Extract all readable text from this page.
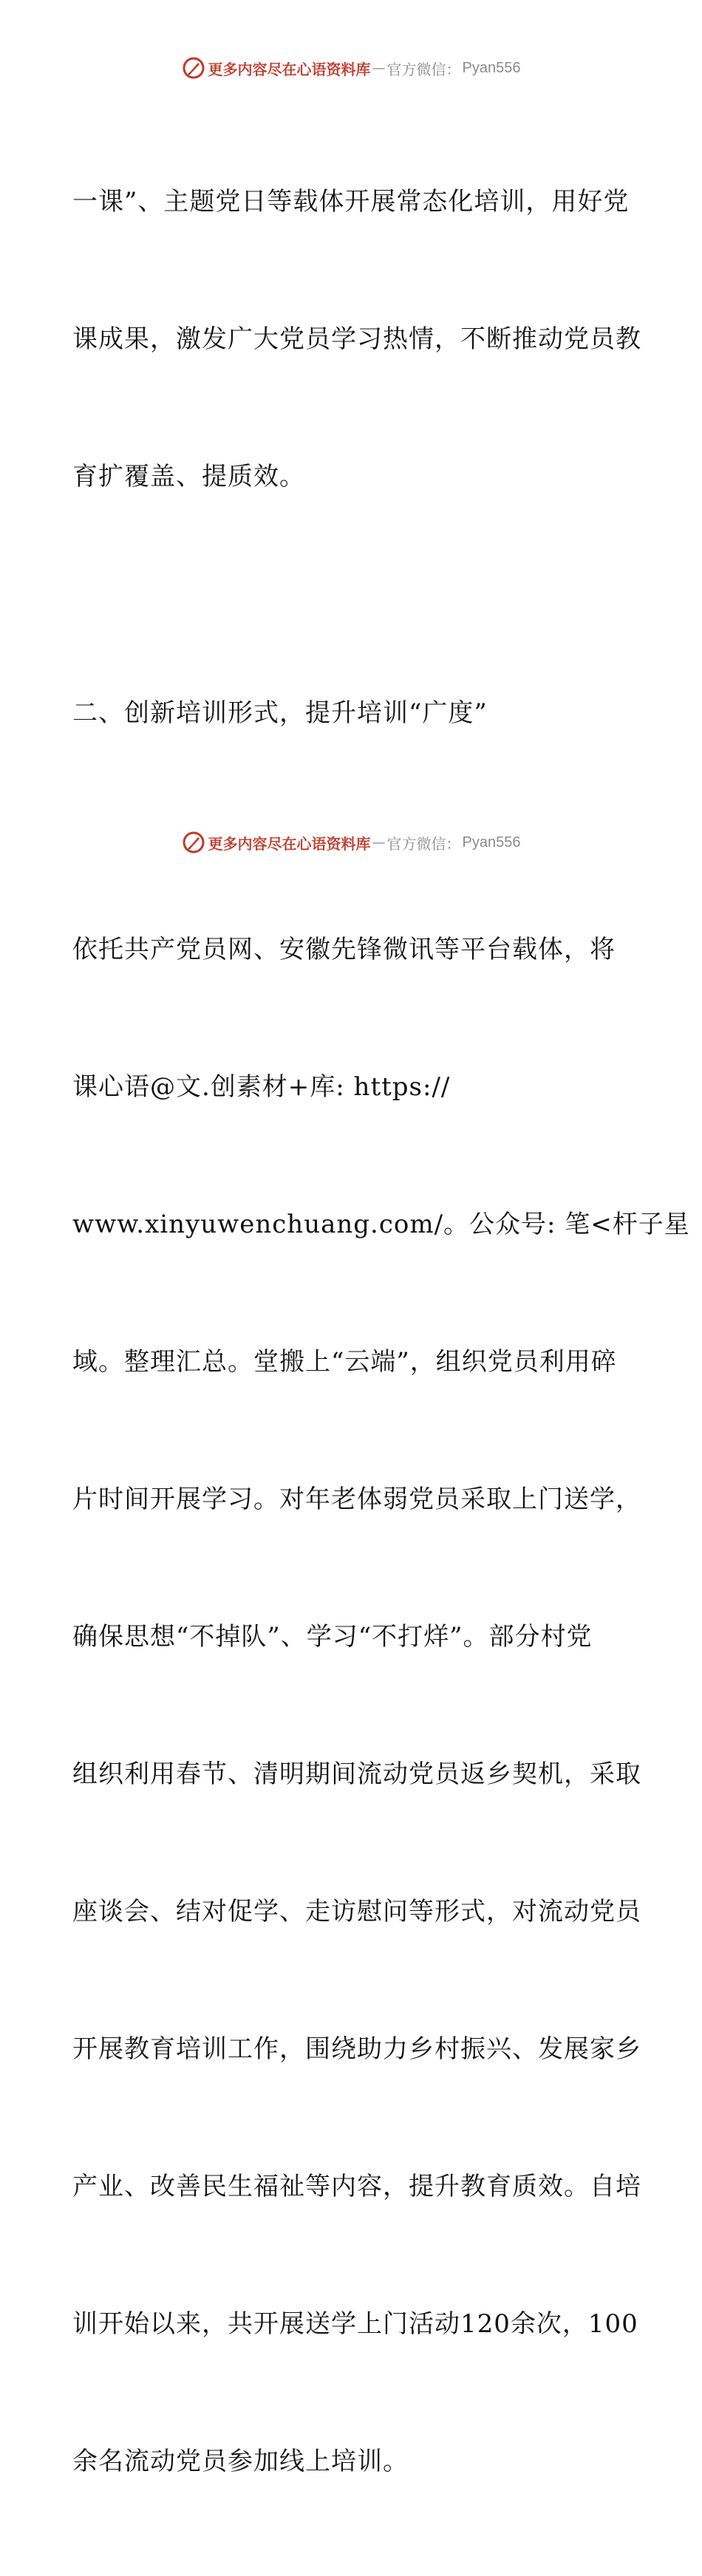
更多内容尽在心语资料库 — 官方微信： Pyan556

一课”、主题党日等载体开展常态化培训，用好党

课成果，激发广大党员学习热情，不断推动党员教

育扩覆盖、提质效。

二、创新培训形式，提升培训“广度”

依托共产党员网、安徽先锋微讯等平台载体，将

课心语@文.创素材+库: https://

www.xinyuwenchuang.com/。公众号: 笔<杆子星

域。整理汇总。堂搬上“云端”，组织党员利用碎

片时间开展学习。对年老体弱党员采取上门送学，

确保思想“不掉队”、学习“不打烊”。部分村党

组织利用春节、清明期间流动党员返乡契机，采取

座谈会、结对促学、走访慰问等形式，对流动党员

开展教育培训工作，围绕助力乡村振兴、发展家乡

产业、改善民生福祉等内容，提升教育质效。自培

训开始以来，共开展送学上门活动120余次，100

余名流动党员参加线上培训。

更多内容尽在心语资料库 — 官方微信： Pyan556
